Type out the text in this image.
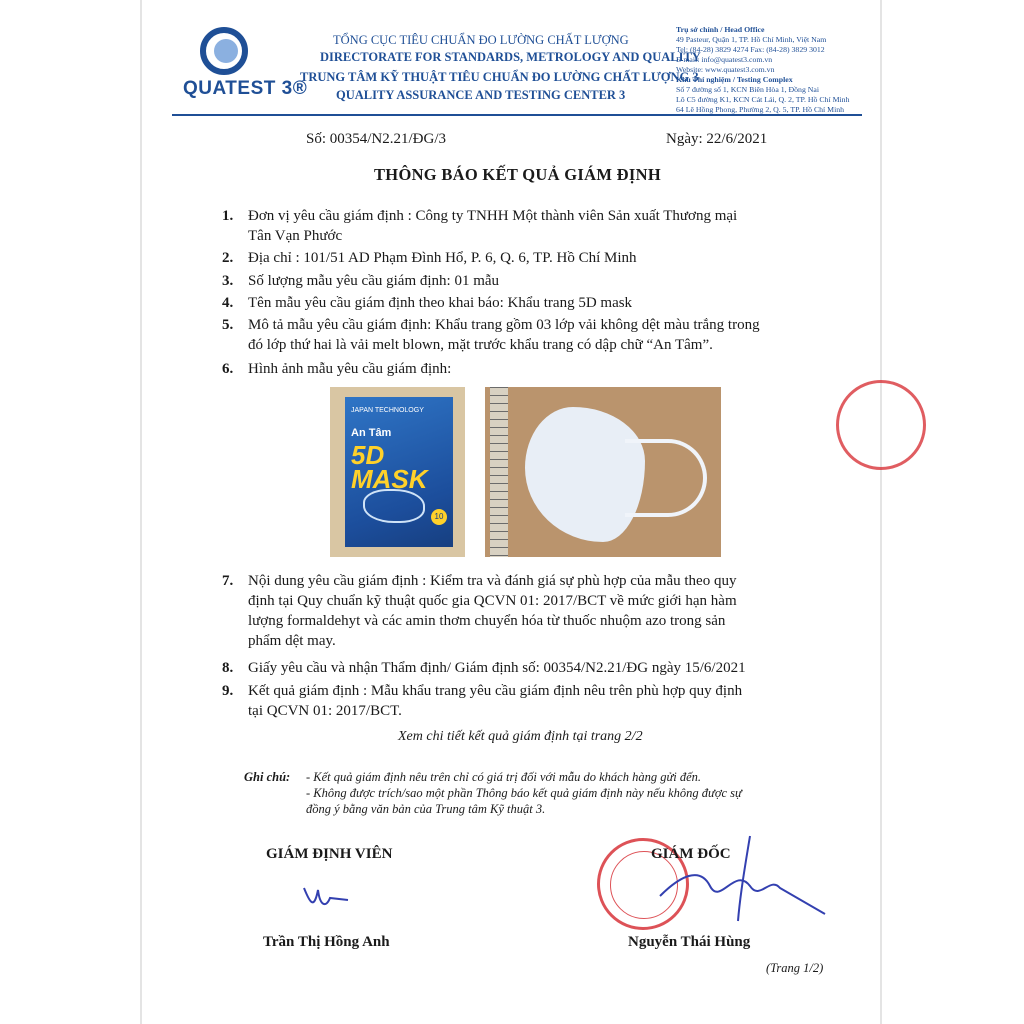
QUATEST 3®
TỔNG CỤC TIÊU CHUẨN ĐO LƯỜNG CHẤT LƯỢNG
DIRECTORATE FOR STANDARDS, METROLOGY AND QUALITY
TRUNG TÂM KỸ THUẬT TIÊU CHUẨN ĐO LƯỜNG CHẤT LƯỢNG 3
QUALITY ASSURANCE AND TESTING CENTER 3
Trụ sở chính / Head Office
49 Pasteur, Quận 1, TP. Hồ Chí Minh, Việt Nam
Tel: (84-28) 3829 4274 Fax: (84-28) 3829 3012
E-mail: info@quatest3.com.vn
Website: www.quatest3.com.vn
Khu Thí nghiệm / Testing Complex
Số 7 đường số 1, KCN Biên Hòa 1, Đồng Nai
Lô C5 đường K1, KCN Cát Lái, Q. 2, TP. Hồ Chí Minh
64 Lê Hồng Phong, Phường 2, Q. 5, TP. Hồ Chí Minh
Số: 00354/N2.21/ĐG/3	Ngày: 22/6/2021
THÔNG BÁO KẾT QUẢ GIÁM ĐỊNH
1. Đơn vị yêu cầu giám định : Công ty TNHH Một thành viên Sản xuất Thương mại
Tân Vạn Phước
2. Địa chỉ : 101/51 AD Phạm Đình Hổ, P. 6, Q. 6, TP. Hồ Chí Minh
3. Số lượng mẫu yêu cầu giám định: 01 mẫu
4. Tên mẫu yêu cầu giám định theo khai báo: Khẩu trang 5D mask
5. Mô tả mẫu yêu cầu giám định: Khẩu trang gồm 03 lớp vải không dệt màu trắng trong
đó lớp thứ hai là vải melt blown, mặt trước khẩu trang có dập chữ “An Tâm”.
6. Hình ảnh mẫu yêu cầu giám định:
JAPAN TECHNOLOGY
An Tâm
5D MASK
10
7. Nội dung yêu cầu giám định : Kiểm tra và đánh giá sự phù hợp của mẫu theo quy
định tại Quy chuẩn kỹ thuật quốc gia QCVN 01: 2017/BCT về mức giới hạn hàm
lượng formaldehyt và các amin thơm chuyển hóa từ thuốc nhuộm azo trong sản
phẩm dệt may.
8. Giấy yêu cầu và nhận Thẩm định/ Giám định số: 00354/N2.21/ĐG ngày 15/6/2021
9. Kết quả giám định : Mẫu khẩu trang yêu cầu giám định nêu trên phù hợp quy định
tại QCVN 01: 2017/BCT.
Xem chi tiết kết quả giám định tại trang 2/2
Ghi chú: - Kết quả giám định nêu trên chỉ có giá trị đối với mẫu do khách hàng gửi đến.
- Không được trích/sao một phần Thông báo kết quả giám định này nếu không được sự
đồng ý bằng văn bản của Trung tâm Kỹ thuật 3.
GIÁM ĐỊNH VIÊN
Trần Thị Hồng Anh
GIÁM ĐỐC
Nguyễn Thái Hùng
(Trang 1/2)
